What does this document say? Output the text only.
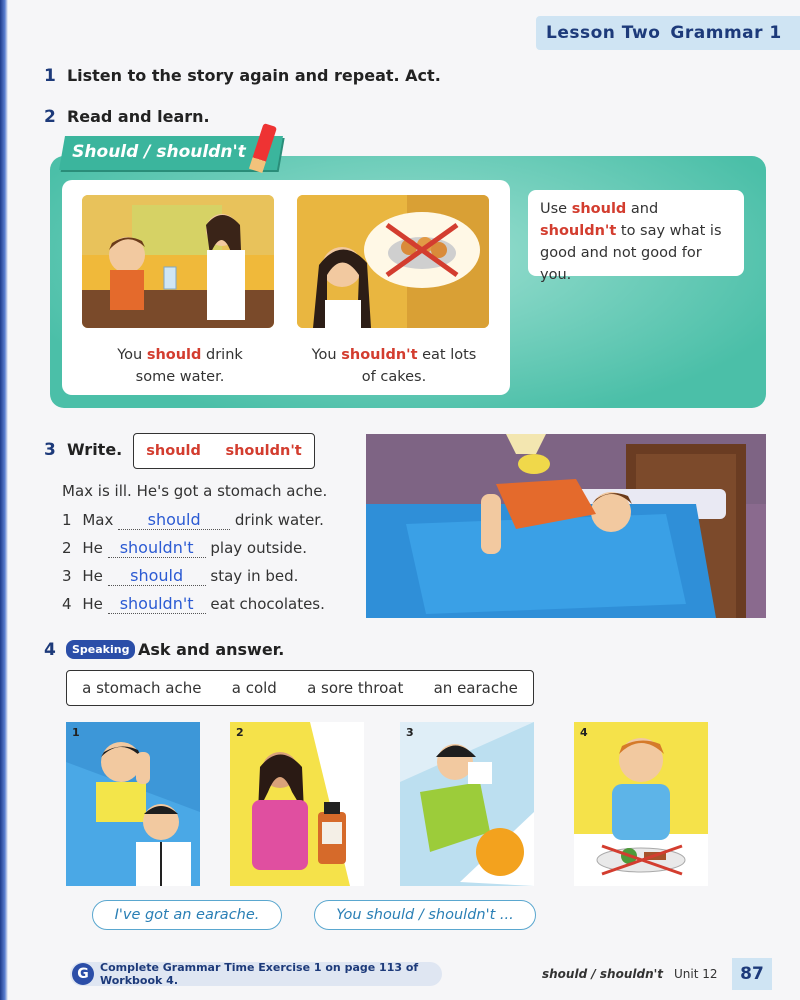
Lesson Two Grammar 1
1 Listen to the story again and repeat. Act.
2 Read and learn.
Should / shouldn't
You should drink
some water.
You shouldn't eat lots
of cakes.
Use should and shouldn't to say what is good and not good for you.
3 Write. should shouldn't
Max is ill. He's got a stomach ache.
1 Max should drink water.
2 He shouldn't play outside.
3 He should stay in bed.
4 He shouldn't eat chocolates.
4	Speaking Ask and answer.
a stomach ache a cold a sore throat an earache
1	2	3	4
I've got an earache.	You should / shouldn't ...
Complete Grammar Time Exercise 1 on page 113 of Workbook 4.
G	should / shouldn't Unit 12	87
